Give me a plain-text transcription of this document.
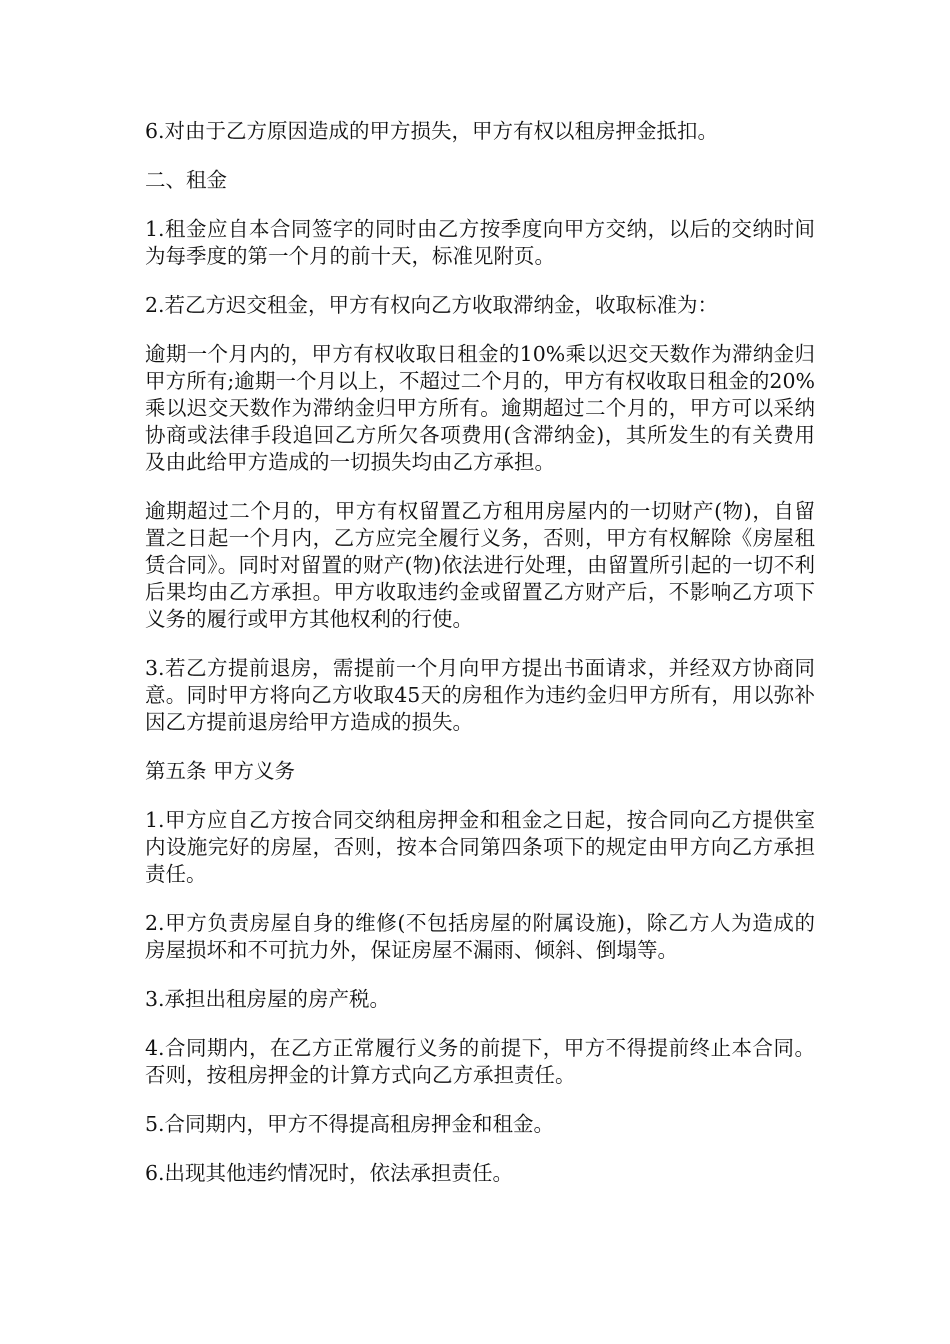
6.对由于乙方原因造成的甲方损失，甲方有权以租房押金抵扣。

二、租金

1.租金应自本合同签字的同时由乙方按季度向甲方交纳，以后的交纳时间为每季度的第一个月的前十天，标准见附页。

2.若乙方迟交租金，甲方有权向乙方收取滞纳金，收取标准为：

逾期一个月内的，甲方有权收取日租金的10%乘以迟交天数作为滞纳金归甲方所有;逾期一个月以上，不超过二个月的，甲方有权收取日租金的20%乘以迟交天数作为滞纳金归甲方所有。逾期超过二个月的，甲方可以采纳协商或法律手段追回乙方所欠各项费用(含滞纳金)，其所发生的有关费用及由此给甲方造成的一切损失均由乙方承担。

逾期超过二个月的，甲方有权留置乙方租用房屋内的一切财产(物)，自留置之日起一个月内，乙方应完全履行义务，否则，甲方有权解除《房屋租赁合同》。同时对留置的财产(物)依法进行处理，由留置所引起的一切不利后果均由乙方承担。甲方收取违约金或留置乙方财产后，不影响乙方项下义务的履行或甲方其他权利的行使。

3.若乙方提前退房，需提前一个月向甲方提出书面请求，并经双方协商同意。同时甲方将向乙方收取45天的房租作为违约金归甲方所有，用以弥补因乙方提前退房给甲方造成的损失。

第五条 甲方义务

1.甲方应自乙方按合同交纳租房押金和租金之日起，按合同向乙方提供室内设施完好的房屋，否则，按本合同第四条项下的规定由甲方向乙方承担责任。

2.甲方负责房屋自身的维修(不包括房屋的附属设施)，除乙方人为造成的房屋损坏和不可抗力外，保证房屋不漏雨、倾斜、倒塌等。

3.承担出租房屋的房产税。

4.合同期内，在乙方正常履行义务的前提下，甲方不得提前终止本合同。否则，按租房押金的计算方式向乙方承担责任。

5.合同期内，甲方不得提高租房押金和租金。

6.出现其他违约情况时，依法承担责任。
